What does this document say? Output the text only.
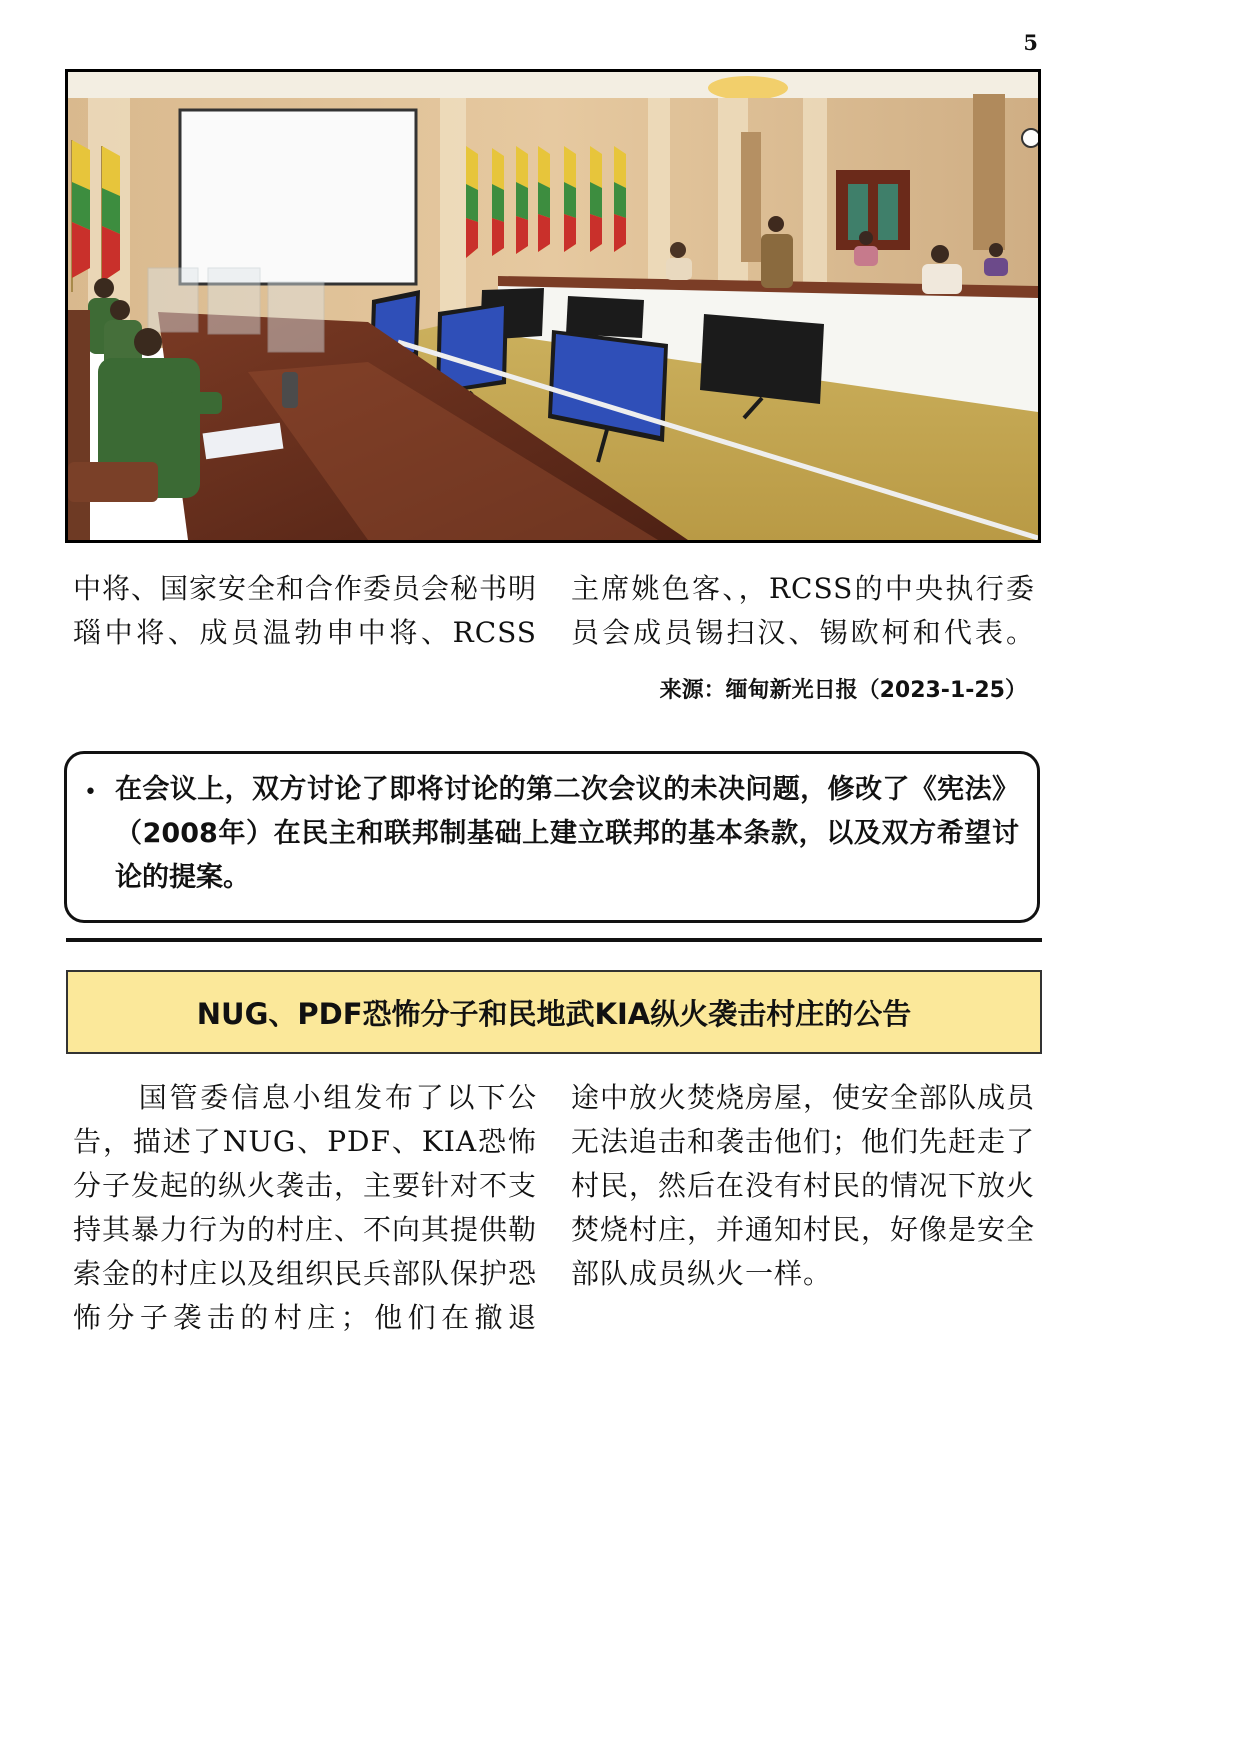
5
中将、国家安全和合作委员会秘书明瑙中将、成员温勃申中将、RCSS
主席姚色客、，RCSS的中央执行委员会成员锡扫汉、锡欧柯和代表。
来源：缅甸新光日报（2023-1-25）
• 在会议上，双方讨论了即将讨论的第二次会议的未决问题，修改了《宪法》（2008年）在民主和联邦制基础上建立联邦的基本条款，以及双方希望讨论的提案。
NUG、PDF恐怖分子和民地武KIA纵火袭击村庄的公告
国管委信息小组发布了以下公告，描述了NUG、PDF、KIA恐怖分子发起的纵火袭击，主要针对不支持其暴力行为的村庄、不向其提供勒索金的村庄以及组织民兵部队保护恐怖分子袭击的村庄；他们在撤退
途中放火焚烧房屋，使安全部队成员无法追击和袭击他们；他们先赶走了村民，然后在没有村民的情况下放火焚烧村庄，并通知村民，好像是安全部队成员纵火一样。
